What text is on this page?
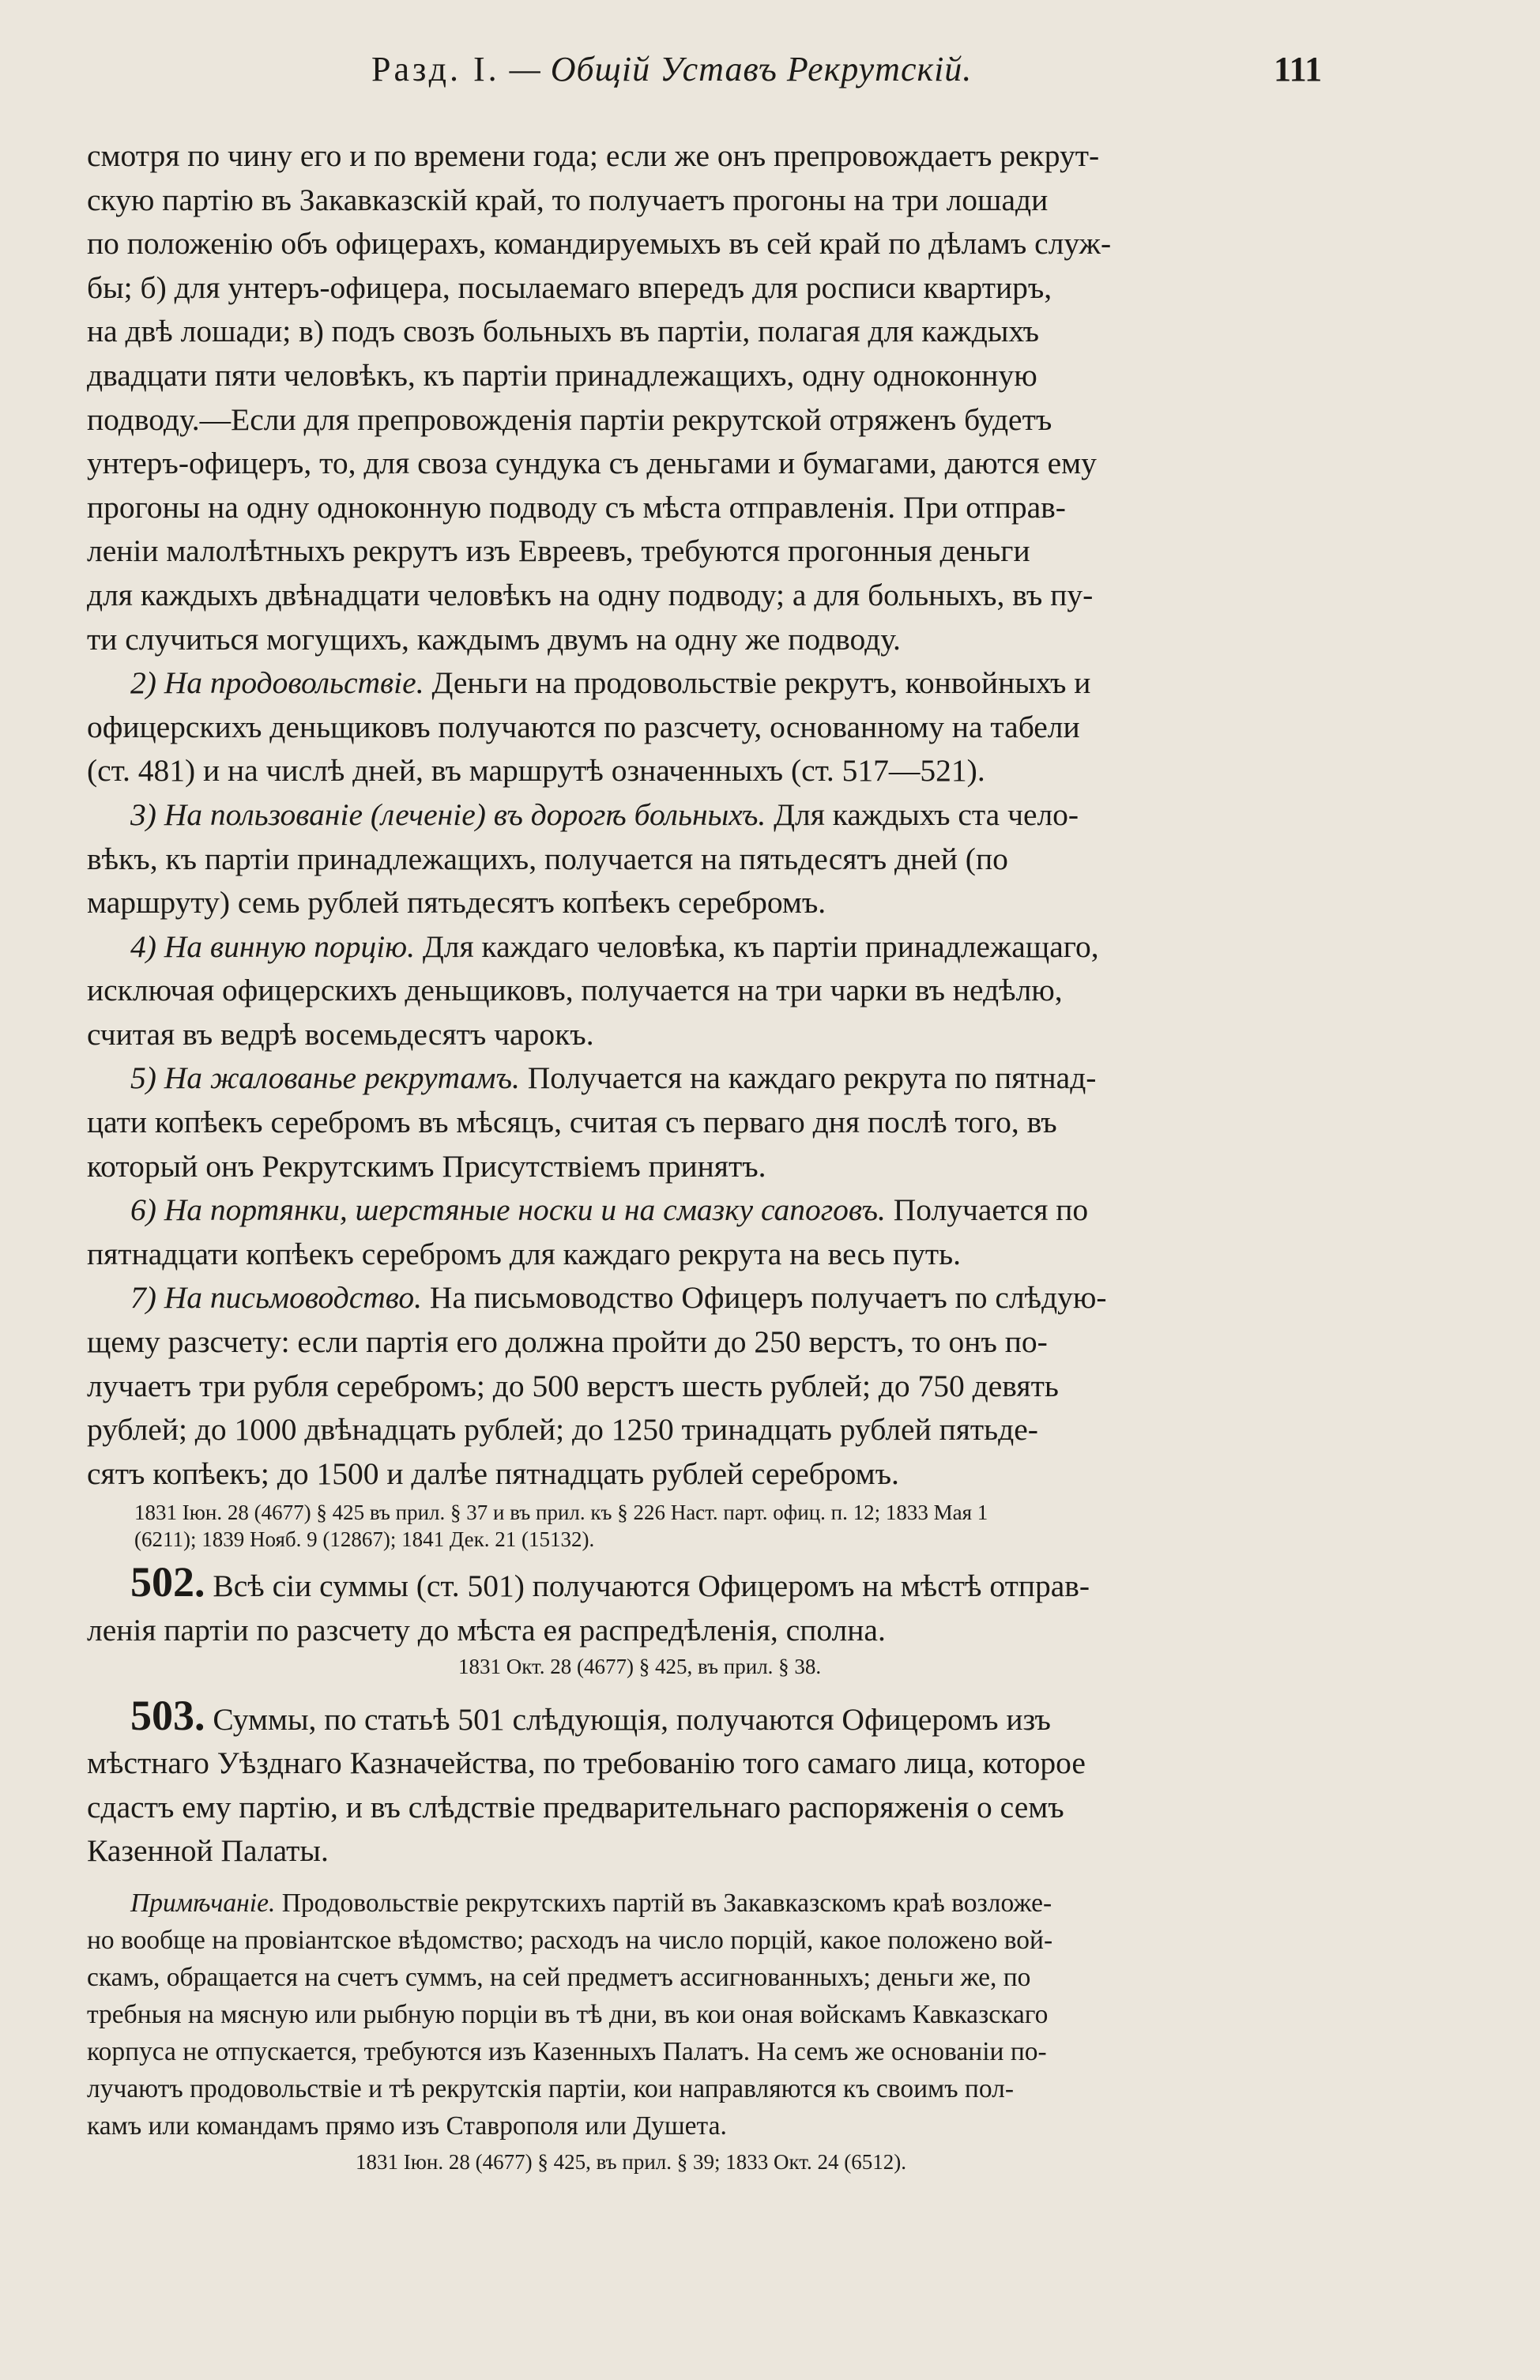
Разд. I. — Общій Уставъ Рекрутскій.	111

смотря по чину его и по времени года; если же онъ препровождаетъ рекрут-
скую партію въ Закавказскій край, то получаетъ прогоны на три лошади
по положенію объ офицерахъ, командируемыхъ въ сей край по дѣламъ служ-
бы; б) для унтеръ-офицера, посылаемаго впередъ для росписи квартиръ,
на двѣ лошади; в) подъ свозъ больныхъ въ партіи, полагая для каждыхъ
двадцати пяти человѣкъ, къ партіи принадлежащихъ, одну одноконную
подводу.—Если для препровожденія партіи рекрутской отряженъ будетъ
унтеръ-офицеръ, то, для своза сундука съ деньгами и бумагами, даются ему
прогоны на одну одноконную подводу съ мѣста отправленія. При отправ-
леніи малолѣтныхъ рекрутъ изъ Евреевъ, требуются прогонныя деньги
для каждыхъ двѣнадцати человѣкъ на одну подводу; а для больныхъ, въ пу-
ти случиться могущихъ, каждымъ двумъ на одну же подводу.

2) На продовольствіе. Деньги на продовольствіе рекрутъ, конвойныхъ и
офицерскихъ деньщиковъ получаются по разсчету, основанному на табели
(ст. 481) и на числѣ дней, въ маршрутѣ означенныхъ (ст. 517—521).

3) На пользованіе (леченіе) въ дорогѣ больныхъ. Для каждыхъ ста чело-
вѣкъ, къ партіи принадлежащихъ, получается на пятьдесятъ дней (по
маршруту) семь рублей пятьдесятъ копѣекъ серебромъ.

4) На винную порцію. Для каждаго человѣка, къ партіи принадлежащаго,
исключая офицерскихъ деньщиковъ, получается на три чарки въ недѣлю,
считая въ ведрѣ восемьдесятъ чарокъ.

5) На жалованье рекрутамъ. Получается на каждаго рекрута по пятнад-
цати копѣекъ серебромъ въ мѣсяцъ, считая съ перваго дня послѣ того, въ
который онъ Рекрутскимъ Присутствіемъ принятъ.

6) На портянки, шерстяные носки и на смазку сапоговъ. Получается по
пятнадцати копѣекъ серебромъ для каждаго рекрута на весь путь.

7) На письмоводство. На письмоводство Офицеръ получаетъ по слѣдую-
щему разсчету: если партія его должна пройти до 250 верстъ, то онъ по-
лучаетъ три рубля серебромъ; до 500 верстъ шесть рублей; до 750 девять
рублей; до 1000 двѣнадцать рублей; до 1250 тринадцать рублей пятьде-
сятъ копѣекъ; до 1500 и далѣе пятнадцать рублей серебромъ.

1831 Іюн. 28 (4677) § 425 въ прил. § 37 и въ прил. къ § 226 Наст. парт. офиц. п. 12; 1833 Мая 1
(6211); 1839 Нояб. 9 (12867); 1841 Дек. 21 (15132).

502. Всѣ сіи суммы (ст. 501) получаются Офицеромъ на мѣстѣ отправ-
ленія партіи по разсчету до мѣста ея распредѣленія, сполна.

1831 Окт. 28 (4677) § 425, въ прил. § 38.

503. Суммы, по статьѣ 501 слѣдующія, получаются Офицеромъ изъ
мѣстнаго Уѣзднаго Казначейства, по требованію того самаго лица, которое
сдастъ ему партію, и въ слѣдствіе предварительнаго распоряженія о семъ
Казенной Палаты.

Примѣчаніе. Продовольствіе рекрутскихъ партій въ Закавказскомъ краѣ возложе-
но вообще на провіантское вѣдомство; расходъ на число порцій, какое положено вой-
скамъ, обращается на счетъ суммъ, на сей предметъ ассигнованныхъ; деньги же, по
требныя на мясную или рыбную порціи въ тѣ дни, въ кои оная войскамъ Кавказскаго
корпуса не отпускается, требуются изъ Казенныхъ Палатъ. На семъ же основаніи по-
лучаютъ продовольствіе и тѣ рекрутскія партіи, кои направляются къ своимъ пол-
камъ или командамъ прямо изъ Ставрополя или Душета.

1831 Іюн. 28 (4677) § 425, въ прил. § 39; 1833 Окт. 24 (6512).
